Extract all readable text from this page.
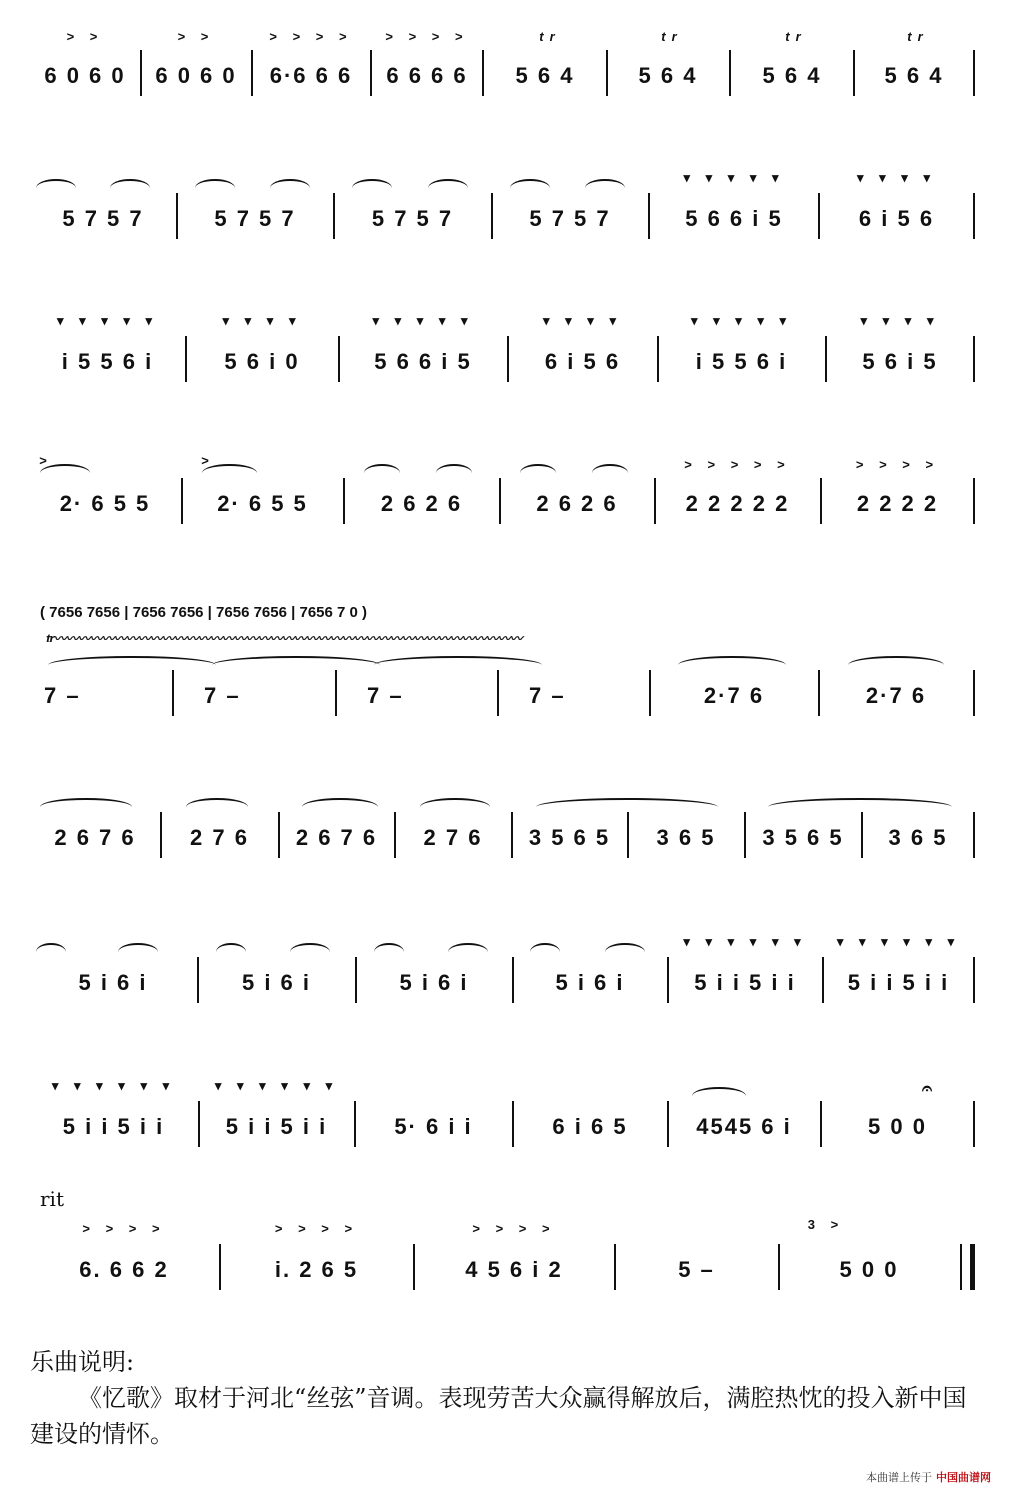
6 0 6 0
> >
6 0 6 0
> >
6·6 6 6
> > > >
6 6 6 6
> > > >
5 6 4
tr
5 6 4
tr
5 6 4
tr
5 6 4
tr
5 7 5 7	5 7 5 7	5 7 5 7	5 7 5 7	5 6 6 i 5
▾ ▾ ▾ ▾ ▾
6 i 5 6
▾ ▾ ▾ ▾
i 5 5 6 i
▾ ▾ ▾ ▾ ▾
5 6 i 0
▾ ▾ ▾ ▾
5 6 6 i 5
▾ ▾ ▾ ▾ ▾
6 i 5 6
▾ ▾ ▾ ▾
i 5 5 6 i
▾ ▾ ▾ ▾ ▾
5 6 i 5
▾ ▾ ▾ ▾
2· 6 5 5
>
2· 6 5 5
>
2 6 2 6	2 6 2 6	2 2 2 2 2
> > > > >
2 2 2 2
> > > >
( 7656 7656 | 7656 7656 | 7656 7656 | 7656 7 0 )
tr〰〰〰〰〰〰〰〰〰〰〰〰〰〰〰〰〰〰〰〰〰〰〰〰〰〰〰〰〰〰〰〰〰〰〰〰〰〰〰
7 –	7 –	7 –	7 –	2·7 6	2·7 6
2 6 7 6	2 7 6	2 6 7 6	2 7 6	3 5 6 5	3 6 5	3 5 6 5	3 6 5
5 i 6 i	5 i 6 i	5 i 6 i	5 i 6 i	5 i i 5 i i
▾ ▾ ▾ ▾ ▾ ▾
5 i i 5 i i
▾ ▾ ▾ ▾ ▾ ▾
5 i i 5 i i
▾ ▾ ▾ ▾ ▾ ▾
5 i i 5 i i
▾ ▾ ▾ ▾ ▾ ▾
5· 6 i i	6 i 6 5	4545 6 i	5 0 0
𝄐
rit
6. 6 6 2
> > > >
i. 2 6 5
> > > >
4 5 6 i 2
> > > >
5 –	5 0 0
3 >
乐曲说明:
《忆歌》取材于河北“丝弦”音调。表现劳苦大众赢得解放后，满腔热忱的投入新中国建设的情怀。
本曲谱上传于 中国曲谱网
